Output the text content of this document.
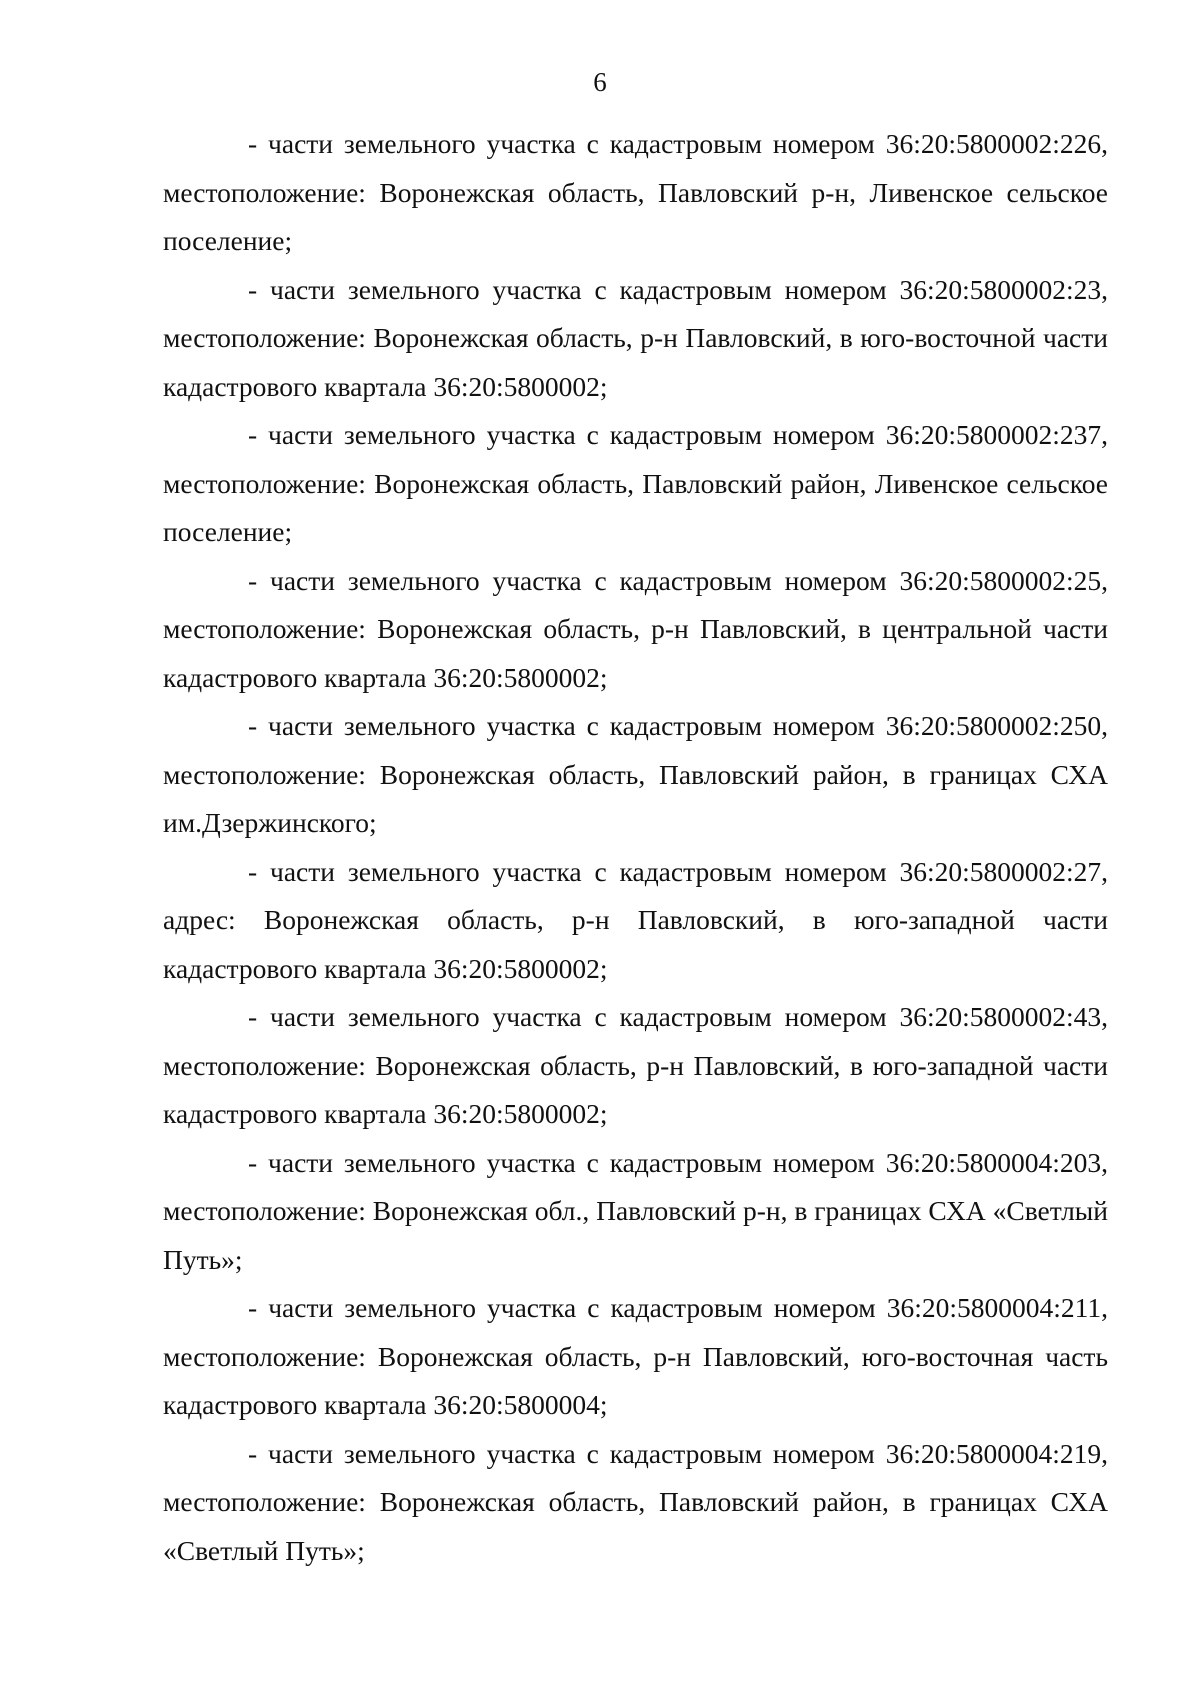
6

- части земельного участка с кадастровым номером 36:20:5800002:226, местоположение: Воронежская область, Павловский р-н, Ливенское сельское поселение;

- части земельного участка с кадастровым номером 36:20:5800002:23, местоположение: Воронежская область, р-н Павловский, в юго-восточной части кадастрового квартала 36:20:5800002;

- части земельного участка с кадастровым номером 36:20:5800002:237, местоположение: Воронежская область, Павловский район, Ливенское сельское поселение;

- части земельного участка с кадастровым номером 36:20:5800002:25, местоположение: Воронежская область, р-н Павловский, в центральной части кадастрового квартала 36:20:5800002;

- части земельного участка с кадастровым номером 36:20:5800002:250, местоположение: Воронежская область, Павловский район, в границах СХА им.Дзержинского;

- части земельного участка с кадастровым номером 36:20:5800002:27, адрес: Воронежская область, р-н Павловский, в юго-западной части кадастрового квартала 36:20:5800002;

- части земельного участка с кадастровым номером 36:20:5800002:43, местоположение: Воронежская область, р-н Павловский, в юго-западной части кадастрового квартала 36:20:5800002;

- части земельного участка с кадастровым номером 36:20:5800004:203, местоположение: Воронежская обл., Павловский р-н, в границах СХА «Светлый Путь»;

- части земельного участка с кадастровым номером 36:20:5800004:211, местоположение: Воронежская область, р-н Павловский, юго-восточная часть кадастрового квартала 36:20:5800004;

- части земельного участка с кадастровым номером 36:20:5800004:219, местоположение: Воронежская область, Павловский район, в границах СХА «Светлый Путь»;
